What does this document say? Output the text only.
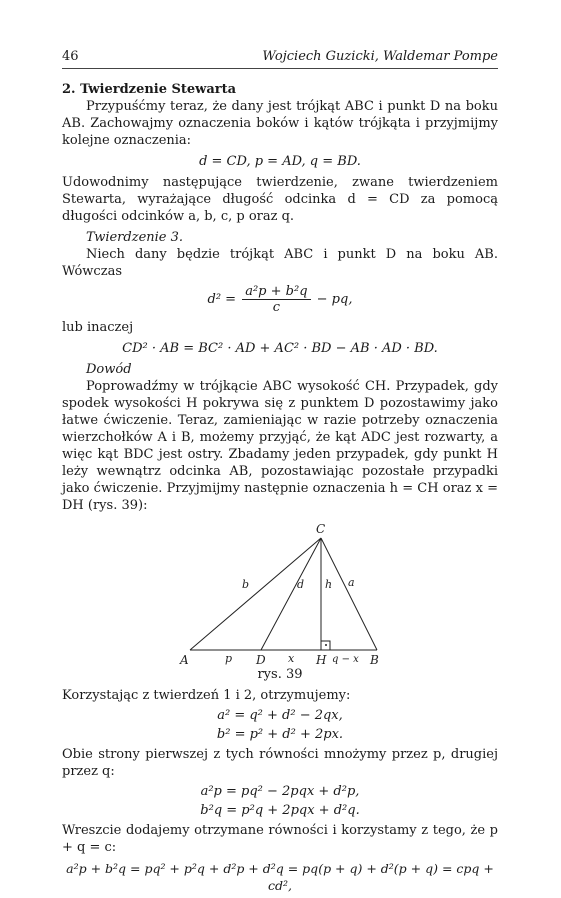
46	Wojciech Guzicki, Waldemar Pompe
2. Twierdzenie Stewarta

Przypuśćmy teraz, że dany jest trójkąt ABC i punkt D na boku AB. Zachowajmy oznaczenia boków i kątów trójkąta i przyjmijmy kolejne oznaczenia:

d = CD, p = AD, q = BD.

Udowodnimy następujące twierdzenie, zwane twierdzeniem Stewarta, wyrażające długość odcinka d = CD za pomocą długości odcinków a, b, c, p oraz q.

Twierdzenie 3.

Niech dany będzie trójkąt ABC i punkt D na boku AB. Wówczas

$d^2 = \frac{\text{a²p + b²q}}{c}$ − pq,

lub inaczej

CD² · AB = BC² · AD + AC² · BD − AB · AD · BD.
Dowód

Poprowadźmy w trójkącie ABC wysokość CH. Przypadek, gdy spodek wysokości H pokrywa się z punktem D pozostawimy jako łatwe ćwiczenie. Teraz, zamieniając w razie potrzeby oznaczenia wierzchołków A i B, możemy przyjąć, że kąt ADC jest rozwarty, a więc kąt BDC jest ostry. Zbadamy jeden przypadek, gdy punkt H leży wewnątrz odcinka AB, pozostawiając pozostałe przypadki jako ćwiczenie. Przyjmijmy następnie oznaczenia h = CH oraz x = DH (rys. 39):

C
A	D	H	B
b	d h a
p	x	q − x
rys. 39

Korzystając z twierdzeń 1 i 2, otrzymujemy:

a² = q² + d² − 2qx,
b² = p² + d² + 2px.

Obie strony pierwszej z tych równości mnożymy przez p, drugiej przez q:

a²p = pq² − 2pqx + d²p,
b²q = p²q + 2pqx + d²q.

Wreszcie dodajemy otrzymane równości i korzystamy z tego, że p + q = c:

a²p + b²q = pq² + p²q + d²p + d²q = pq(p + q) + d²(p + q) = cpq + cd²,
